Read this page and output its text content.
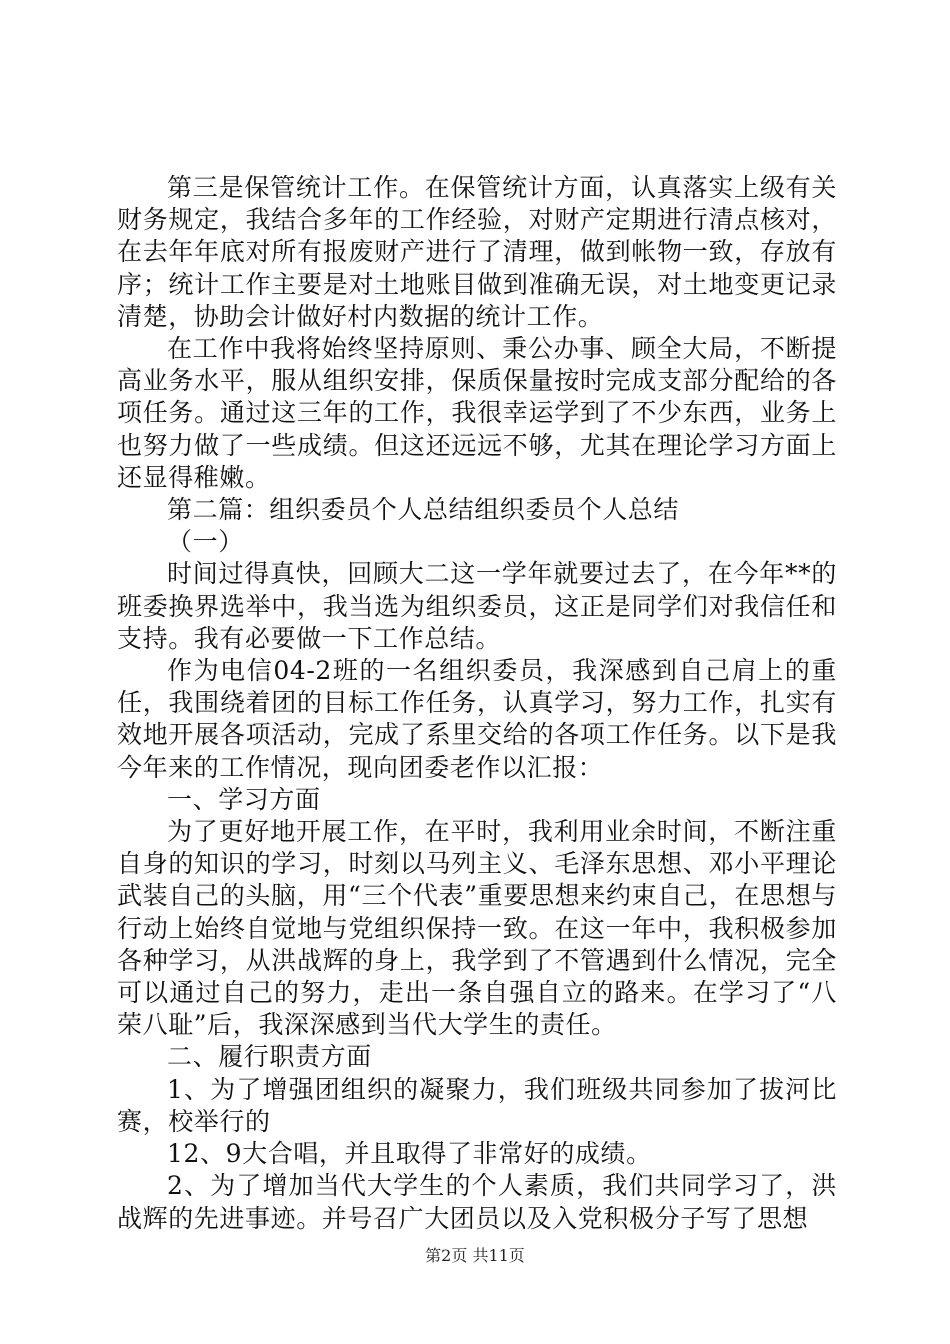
第三是保管统计工作。在保管统计方面，认真落实上级有关财务规定，我结合多年的工作经验，对财产定期进行清点核对，在去年年底对所有报废财产进行了清理，做到帐物一致，存放有序；统计工作主要是对土地账目做到准确无误，对土地变更记录清楚，协助会计做好村内数据的统计工作。

在工作中我将始终坚持原则、秉公办事、顾全大局，不断提高业务水平，服从组织安排，保质保量按时完成支部分配给的各项任务。通过这三年的工作，我很幸运学到了不少东西，业务上也努力做了一些成绩。但这还远远不够，尤其在理论学习方面上还显得稚嫩。

第二篇：组织委员个人总结组织委员个人总结

（一）

时间过得真快，回顾大二这一学年就要过去了，在今年**的班委换界选举中，我当选为组织委员，这正是同学们对我信任和支持。我有必要做一下工作总结。

作为电信04-2班的一名组织委员，我深感到自己肩上的重任，我围绕着团的目标工作任务，认真学习，努力工作，扎实有效地开展各项活动，完成了系里交给的各项工作任务。以下是我今年来的工作情况，现向团委老作以汇报：

一、学习方面

为了更好地开展工作，在平时，我利用业余时间，不断注重自身的知识的学习，时刻以马列主义、毛泽东思想、邓小平理论武装自己的头脑，用“三个代表”重要思想来约束自己，在思想与行动上始终自觉地与党组织保持一致。在这一年中，我积极参加各种学习，从洪战辉的身上，我学到了不管遇到什么情况，完全可以通过自己的努力，走出一条自强自立的路来。在学习了“八荣八耻”后，我深深感到当代大学生的责任。

二、履行职责方面

1、为了增强团组织的凝聚力，我们班级共同参加了拔河比赛，校举行的

12、9大合唱，并且取得了非常好的成绩。

2、为了增加当代大学生的个人素质，我们共同学习了，洪战辉的先进事迹。并号召广大团员以及入党积极分子写了思想

第2页 共11页
